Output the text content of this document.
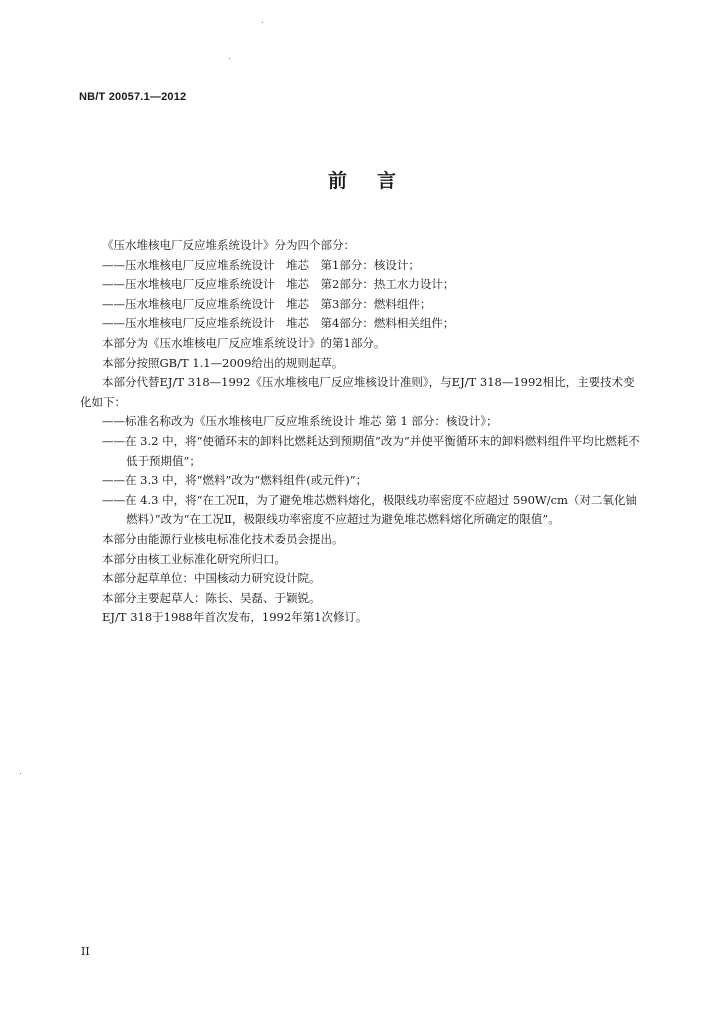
NB/T 20057.1—2012
前言

《压水堆核电厂反应堆系统设计》分为四个部分：

——压水堆核电厂反应堆系统设计　堆芯　第1部分：核设计；

——压水堆核电厂反应堆系统设计　堆芯　第2部分：热工水力设计；

——压水堆核电厂反应堆系统设计　堆芯　第3部分：燃料组件；

——压水堆核电厂反应堆系统设计　堆芯　第4部分：燃料相关组件；

本部分为《压水堆核电厂反应堆系统设计》的第1部分。

本部分按照GB/T 1.1—2009给出的规则起草。

本部分代替EJ/T 318—1992《压水堆核电厂反应堆核设计准则》，与EJ/T 318—1992相比，主要技术变化如下：

——标准名称改为《压水堆核电厂反应堆系统设计 堆芯 第 1 部分：核设计》；

——在 3.2 中，将“使循环末的卸料比燃耗达到预期值”改为“并使平衡循环末的卸料燃料组件平均比燃耗不低于预期值”；

——在 3.3 中，将“燃料”改为“燃料组件(或元件)”；

——在 4.3 中，将“在工况Ⅱ，为了避免堆芯燃料熔化，极限线功率密度不应超过 590W/cm（对二氧化铀燃料）”改为“在工况Ⅱ，极限线功率密度不应超过为避免堆芯燃料熔化所确定的限值”。

本部分由能源行业核电标准化技术委员会提出。

本部分由核工业标准化研究所归口。

本部分起草单位：中国核动力研究设计院。

本部分主要起草人：陈长、吴磊、于颖锐。

EJ/T 318于1988年首次发布，1992年第1次修订。

II
